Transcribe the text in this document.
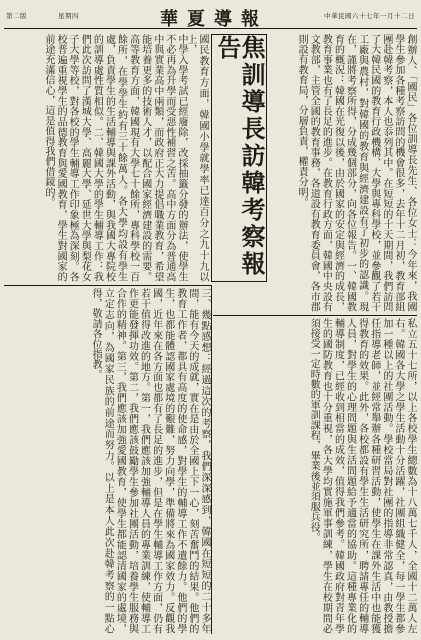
第二版	星期四	華夏導報	中華民國六十七年一月十二日
焦訓導長訪韓考察報告	創辦人、「國民」各位訓導長先生、各位女士：今年來，我國學生參加各種考察訪問的機會很多，去年十二月初，教育部組團赴韓考察，本人也忝列其中。在短短的十天期間，我們訪問了大韓民國的教育行政機構、大學與專科學校，並參觀了若干工廠與農村，對韓國的教育與經濟建設有了初步的認識。現在，謹將考察所得，分成幾個部分，向各位報告。一、韓國教育的概況：韓國在光復以後，由於國家的安定與經濟的成長，教育事業也有了長足的進步。在教育行政方面，韓國中央設有文教部，主管全國的教育事務，各道設有教育委員會，各市郡則設有教育局，分層負責，權責分明。
國民教育方面，韓國小學就學率已達百分之九十九以上，
中學入學考試已經廢除，改採抽籤分發的辦法，使學生不必再為升學而受惡性補習之苦。高中方面分為普通高中與實業高中兩類，而政府正大力提倡職業教育，希望能培養更多的技術人才，以配合國家經濟建設的需要。高等教育方面，韓國現有大學七十餘所，專科學校一百餘所，在學學生約有三十餘萬人。各大學均設有學生處，負責學生的生活輔導與課外活動，與我國大專院校的訓導處性質相似。二、韓國大學的學生輔導工作：我們此次訪問了漢城大學、高麗大學、延世大學與梨花女子大學等校，對各校的學生輔導工作印象極為深刻。各校普遍重視學生的品德教育與愛國教育，學生對國家的前途充滿信心，這是值得我們借鏡的。
私立五十七所，以上各校學生總數為十八萬七千人，全國十二萬人左右。韓國各大學之學生活動十分活躍，社團組織健全，每一學生都參加一種以上的社團活動。學校當局對社團的指導非常認真，由教授擔任指導老師，並經常舉辦各種研習活動，使學生在課外生活中也能獲得教育的效果。此外，各校都設有學生生活研究所，聘請專任的輔導人員，對學生的心理問題與生活問題給予適當的協助。這種專業化的輔導制度，已經收到相當的成效，值得我們參考。韓國政府對青年學生的國防教育也十分重視，各大學均實施軍事訓練，學生在校期間必須接受一定時數的軍訓課程，畢業後並須服兵役。
三、幾點感想：經過這次的考察，我們深深感到，韓國在短短的二十多年間，能有今天的成就，實在是由於全國上下一心，刻苦奮鬥的結果。他們的教育工作者，都具有高度的使命感，對學生的輔導工作不遺餘力。他們的學生，也都能體認國家處境的艱難，努力向學，準備將來為國家效力。反觀我國，近年來在各方面也都有了長足的進步，但是在學生輔導工作方面，仍有若干值得改進的地方。第一，我們應該加強輔導人員的專業訓練，使輔導工作更能發揮功效。第二，我們應該鼓勵學生參加社團活動，培養學生服務與合作的精神。第三，我們應該加強愛國教育，使學生都能認清國家的處境，立定志向，為國家民族的前途而努力。以上是本人此次赴韓考察的一點心得，敬請各位指教。
